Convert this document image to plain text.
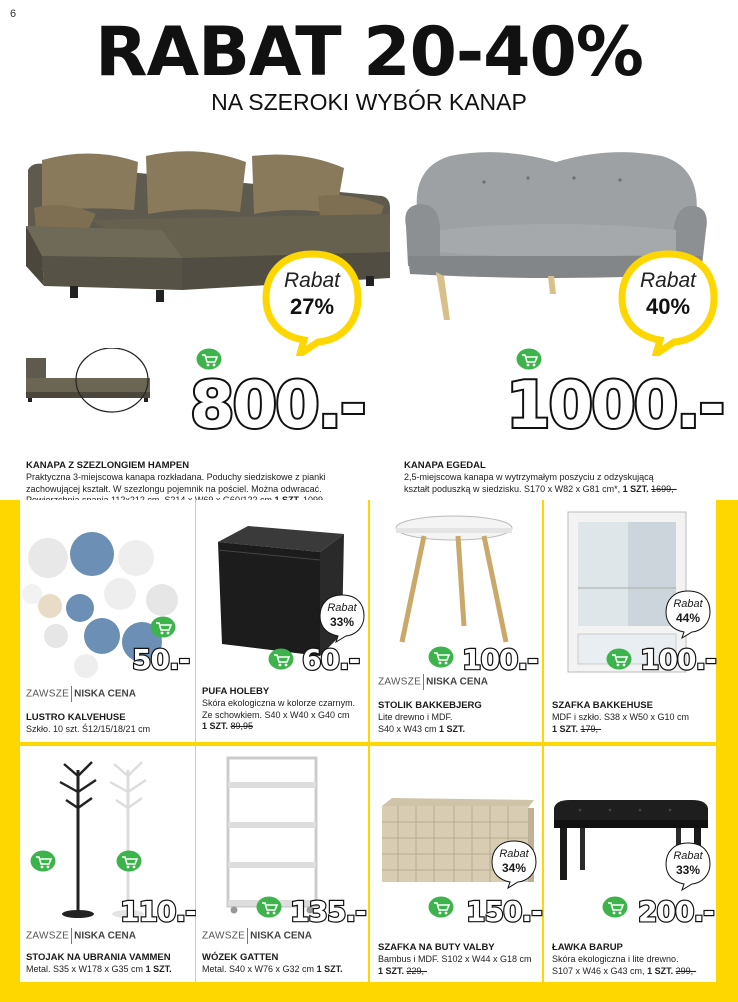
6	RABAT 20-40%
NA SZEROKI WYBÓR KANAP
Rabat
27%
800.-
KANAPA Z SZEZLONGIEM HAMPEN
Praktyczna 3-miejscowa kanapa rozkładana. Poduchy siedziskowe z pianki
zachowującej kształt. W szezlongu pojemnik na pościel. Można odwracać.
Rabat
40%
1000.-
KANAPA EGEDAL
2,5-miejscowa kanapa w wytrzymałym poszyciu z odzyskującą
kształt poduszką w siedzisku. S170 x W82 x G81 cm*, 1 SZT. 1699,-
50.-
ZAWSZE NISKA CENA
LUSTRO KALVEHUSE
Szkło. 10 szt. Ś12/15/18/21 cm
Rabat
33%
60.-
PUFA HOLEBY
Skóra ekologiczna w kolorze czarnym.
Ze schowkiem. S40 x W40 x G40 cm
1 SZT. 89,95
100.-
ZAWSZE NISKA CENA
STOLIK BAKKEBJERG
Lite drewno i MDF.
S40 x W43 cm 1 SZT.
Rabat
44%
100.-
SZAFKA BAKKEHUSE
MDF i szkło. S38 x W50 x G10 cm
1 SZT. 179,-
110.-
ZAWSZE NISKA CENA
STOJAK NA UBRANIA VAMMEN
Metal. S35 x W178 x G35 cm 1 SZT.
135.-
ZAWSZE NISKA CENA
WÓZEK GATTEN
Metal. S40 x W76 x G32 cm 1 SZT.
Rabat
34%
150.-
SZAFKA NA BUTY VALBY
Bambus i MDF. S102 x W44 x G18 cm
1 SZT. 229,-
Rabat
33%
200.-
ŁAWKA BARUP
Skóra ekologiczna i lite drewno.
S107 x W46 x G43 cm, 1 SZT. 299,-
